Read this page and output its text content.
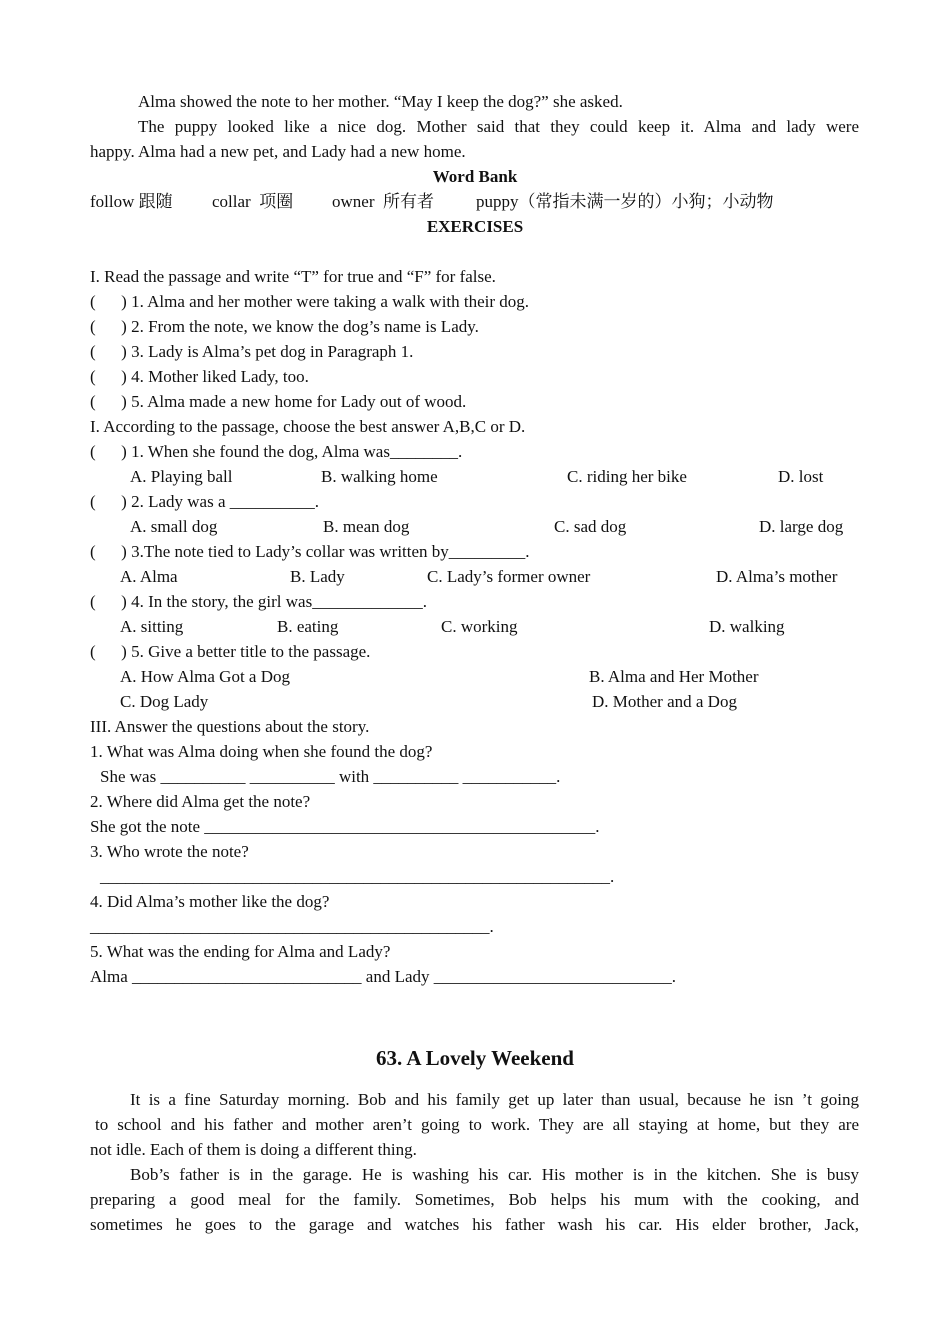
Alma showed the note to her mother. “May I keep the dog?” she asked.
The puppy looked like a nice dog. Mother said that they could keep it. Alma and lady were
happy. Alma had a new pet, and Lady had a new home.
Word Bank
follow 跟随 collar  项圈 owner  所有者 puppy（常指未满一岁的）小狗；小动物
EXERCISES
I. Read the passage and write “T” for true and “F” for false.
(      ) 1. Alma and her mother were taking a walk with their dog.
(      ) 2. From the note, we know the dog’s name is Lady.
(      ) 3. Lady is Alma’s pet dog in Paragraph 1.
(      ) 4. Mother liked Lady, too.
(      ) 5. Alma made a new home for Lady out of wood.
I. According to the passage, choose the best answer A,B,C or D.
(      ) 1. When she found the dog, Alma was________.
A. Playing ball	B. walking home	C. riding her bike	D. lost
(      ) 2. Lady was a __________.
A. small dog	B. mean dog	C. sad dog	D. large dog
(      ) 3.The note tied to Lady’s collar was written by_________.
A. Alma	B. Lady	C. Lady’s former owner	D. Alma’s mother
(      ) 4. In the story, the girl was_____________.
A. sitting	B. eating	C. working	D. walking
(      ) 5. Give a better title to the passage.
A. How Alma Got a Dog	B. Alma and Her Mother
C. Dog Lady	D. Mother and a Dog
III. Answer the questions about the story.
1. What was Alma doing when she found the dog?
She was __________ __________ with __________ ___________.
2. Where did Alma get the note?
She got the note ______________________________________________.
3. Who wrote the note?
____________________________________________________________.
4. Did Alma’s mother like the dog?
_______________________________________________.
5. What was the ending for Alma and Lady?
Alma ___________________________ and Lady ____________________________.
63. A Lovely Weekend
It is a fine Saturday morning. Bob and his family get up later than usual, because he isn ’t going
to school and his father and mother aren’t going to work. They are all staying at home, but they are
not idle. Each of them is doing a different thing.
Bob’s father is in the garage. He is washing his car. His mother is in the kitchen. She is busy
preparing a good meal for the family. Sometimes, Bob helps his mum with the cooking, and
sometimes he goes to the garage and watches his father wash his car. His elder brother, Jack,
